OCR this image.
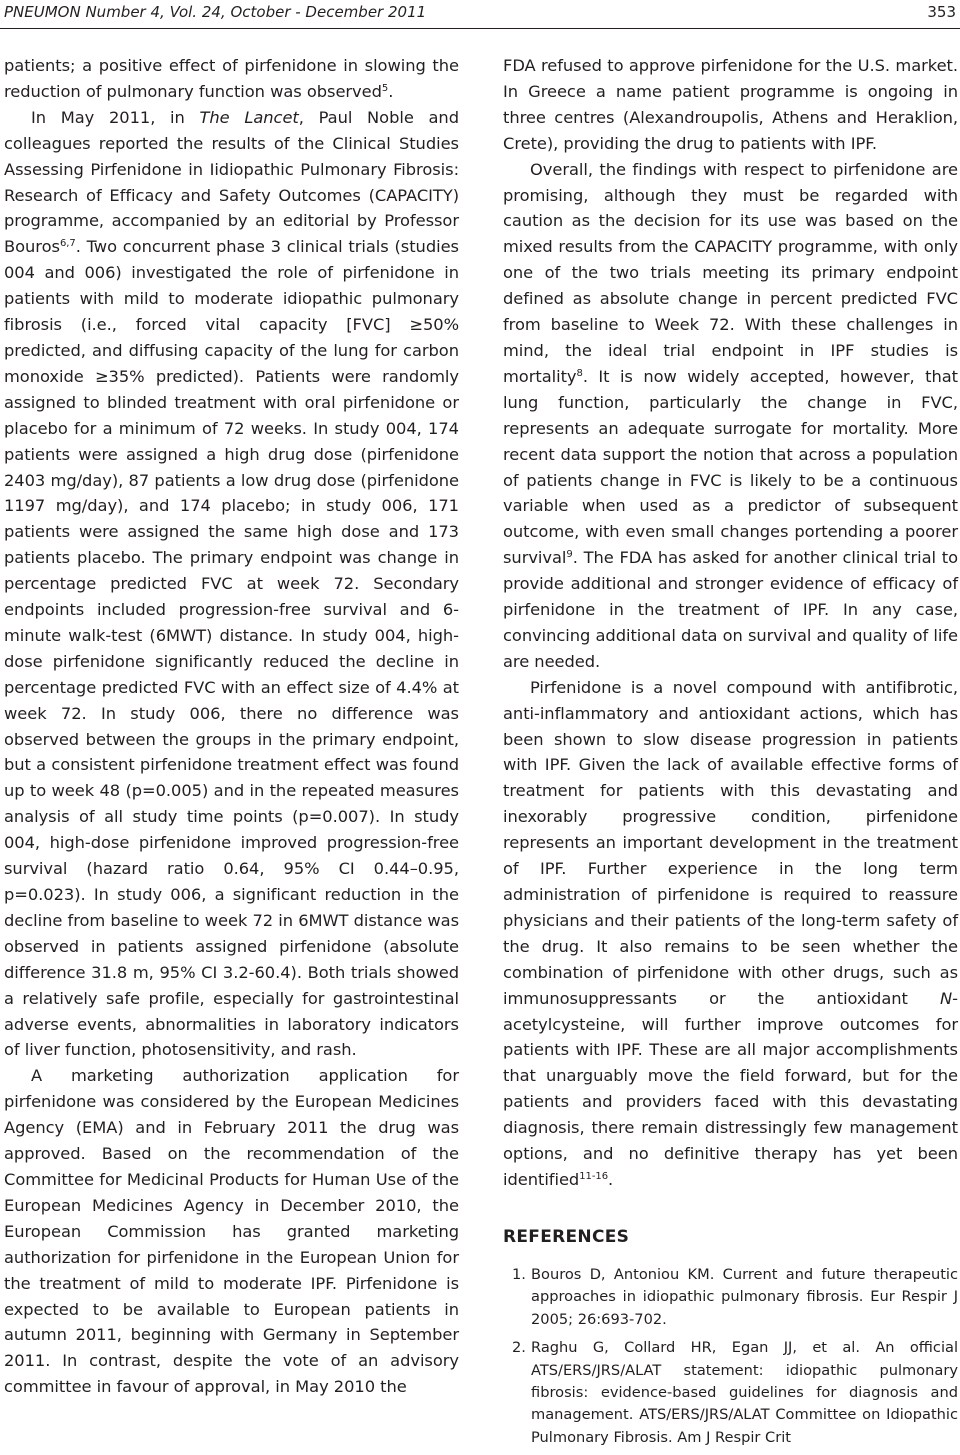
PNEUMON Number 4, Vol. 24, October - December 2011	353

patients; a positive effect of pirfenidone in slowing the reduction of pulmonary function was observed$^5$.

In May 2011, in The Lancet, Paul Noble and colleagues reported the results of the Clinical Studies Assessing Pirfenidone in Iidiopathic Pulmonary Fibrosis: Research of Efficacy and Safety Outcomes (CAPACITY) programme, accompanied by an editorial by Professor Bouros$^{6,7}$. Two concurrent phase 3 clinical trials (studies 004 and 006) investigated the role of pirfenidone in patients with mild to moderate idiopathic pulmonary fibrosis (i.e., forced vital capacity [FVC] ≥50% predicted, and diffusing capacity of the lung for carbon monoxide ≥35% predicted). Patients were randomly assigned to blinded treatment with oral pirfenidone or placebo for a minimum of 72 weeks. In study 004, 174 patients were assigned a high drug dose (pirfenidone 2403 mg/day), 87 patients a low drug dose (pirfenidone 1197 mg/day), and 174 placebo; in study 006, 171 patients were assigned the same high dose and 173 patients placebo. The primary endpoint was change in percentage predicted FVC at week 72. Secondary endpoints included progression-free survival and 6-minute walk-test (6MWT) distance. In study 004, high-dose pirfenidone significantly reduced the decline in percentage predicted FVC with an effect size of 4.4% at week 72. In study 006, there no difference was observed between the groups in the primary endpoint, but a consistent pirfenidone treatment effect was found up to week 48 (p=0.005) and in the repeated measures analysis of all study time points (p=0.007). In study 004, high-dose pirfenidone improved progression-free survival (hazard ratio 0.64, 95% CI 0.44–0.95, p=0.023). In study 006, a significant reduction in the decline from baseline to week 72 in 6MWT distance was observed in patients assigned pirfenidone (absolute difference 31.8 m, 95% CI 3.2-60.4). Both trials showed a relatively safe profile, especially for gastrointestinal adverse events, abnormalities in laboratory indicators of liver function, photosensitivity, and rash.

A marketing authorization application for pirfenidone was considered by the European Medicines Agency (EMA) and in February 2011 the drug was approved. Based on the recommendation of the Committee for Medicinal Products for Human Use of the European Medicines Agency in December 2010, the European Commission has granted marketing authorization for pirfenidone in the European Union for the treatment of mild to moderate IPF. Pirfenidone is expected to be available to European patients in autumn 2011, beginning with Germany in September 2011. In contrast, despite the vote of an advisory committee in favour of approval, in May 2010 the

FDA refused to approve pirfenidone for the U.S. market. In Greece a name patient programme is ongoing in three centres (Alexandroupolis, Athens and Heraklion, Crete), providing the drug to patients with IPF.

Overall, the findings with respect to pirfenidone are promising, although they must be regarded with caution as the decision for its use was based on the mixed results from the CAPACITY programme, with only one of the two trials meeting its primary endpoint defined as absolute change in percent predicted FVC from baseline to Week 72. With these challenges in mind, the ideal trial endpoint in IPF studies is mortality$^8$. It is now widely accepted, however, that lung function, particularly the change in FVC, represents an adequate surrogate for mortality. More recent data support the notion that across a population of patients change in FVC is likely to be a continuous variable when used as a predictor of subsequent outcome, with even small changes portending a poorer survival$^9$. The FDA has asked for another clinical trial to provide additional and stronger evidence of efficacy of pirfenidone in the treatment of IPF. In any case, convincing additional data on survival and quality of life are needed.

Pirfenidone is a novel compound with antifibrotic, anti-inflammatory and antioxidant actions, which has been shown to slow disease progression in patients with IPF. Given the lack of available effective forms of treatment for patients with this devastating and inexorably progressive condition, pirfenidone represents an important development in the treatment of IPF. Further experience in the long term administration of pirfenidone is required to reassure physicians and their patients of the long-term safety of the drug. It also remains to be seen whether the combination of pirfenidone with other drugs, such as immunosuppressants or the antioxidant N-acetylcysteine, will further improve outcomes for patients with IPF. These are all major accomplishments that unarguably move the field forward, but for the patients and providers faced with this devastating diagnosis, there remain distressingly few management options, and no definitive therapy has yet been identified$^{11-16}$.

REFERENCES
1. Bouros D, Antoniou KM. Current and future therapeutic approaches in idiopathic pulmonary fibrosis. Eur Respir J 2005; 26:693-702.
2. Raghu G, Collard HR, Egan JJ, et al. An official ATS/ERS/JRS/ALAT statement: idiopathic pulmonary fibrosis: evidence-based guidelines for diagnosis and management. ATS/ERS/JRS/ALAT Committee on Idiopathic Pulmonary Fibrosis. Am J Respir Crit
